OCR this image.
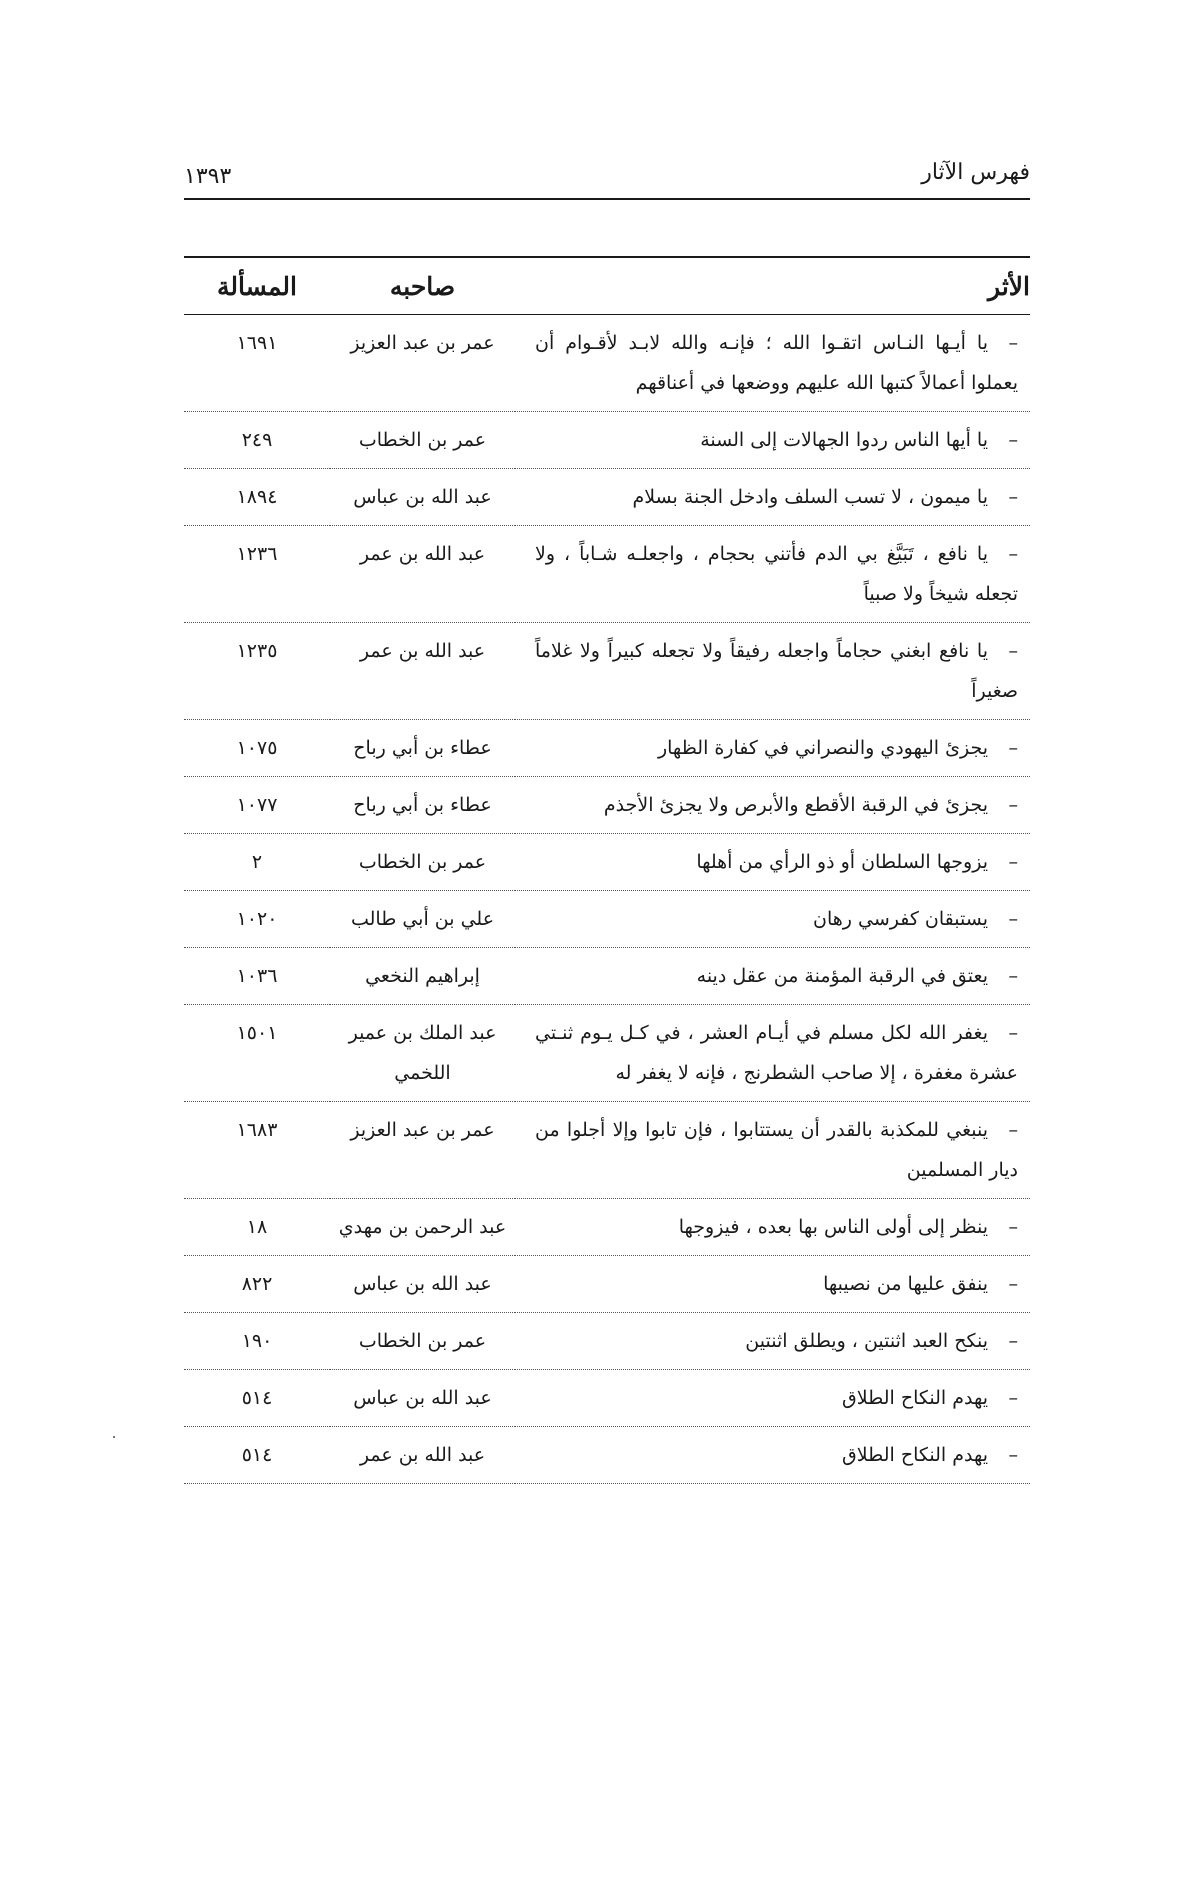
فهرس الآثار
١٣٩٣
الأثر	صاحبه	المسألة
–يا أيـها النـاس اتقـوا الله ؛ فإنـه والله لابـد لأقـوام أن يعملوا أعمالاً كتبها الله عليهم ووضعها في أعناقهم	عمر بن عبد العزيز	١٦٩١
–يا أيها الناس ردوا الجهالات إلى السنة	عمر بن الخطاب	٢٤٩
–يا ميمون ، لا تسب السلف وادخل الجنة بسلام	عبد الله بن عباس	١٨٩٤
–يا نافع ، تَبَيَّغ بي الدم فأتني بحجام ، واجعلـه شـاباً ، ولا تجعله شيخاً ولا صبياً	عبد الله بن عمر	١٢٣٦
–يا نافع ابغني حجاماً واجعله رفيقاً ولا تجعله كبيراً ولا غلاماً صغيراً	عبد الله بن عمر	١٢٣٥
–يجزئ اليهودي والنصراني في كفارة الظهار	عطاء بن أبي رباح	١٠٧٥
–يجزئ في الرقبة الأقطع والأبرص ولا يجزئ الأجذم	عطاء بن أبي رباح	١٠٧٧
–يزوجها السلطان أو ذو الرأي من أهلها	عمر بن الخطاب	٢
–يستبقان كفرسي رهان	علي بن أبي طالب	١٠٢٠
–يعتق في الرقبة المؤمنة من عقل دينه	إبراهيم النخعي	١٠٣٦
–يغفر الله لكل مسلم في أيـام العشر ، في كـل يـوم ثنـتي عشرة مغفرة ، إلا صاحب الشطرنج ، فإنه لا يغفر له	عبد الملك بن عمير اللخمي	١٥٠١
–ينبغي للمكذبة بالقدر أن يستتابوا ، فإن تابوا وإلا أجلوا من ديار المسلمين	عمر بن عبد العزيز	١٦٨٣
–ينظر إلى أولى الناس بها بعده ، فيزوجها	عبد الرحمن بن مهدي	١٨
–ينفق عليها من نصيبها	عبد الله بن عباس	٨٢٢
–ينكح العبد اثنتين ، ويطلق اثنتين	عمر بن الخطاب	١٩٠
–يهدم النكاح الطلاق	عبد الله بن عباس	٥١٤
–يهدم النكاح الطلاق	عبد الله بن عمر	٥١٤
